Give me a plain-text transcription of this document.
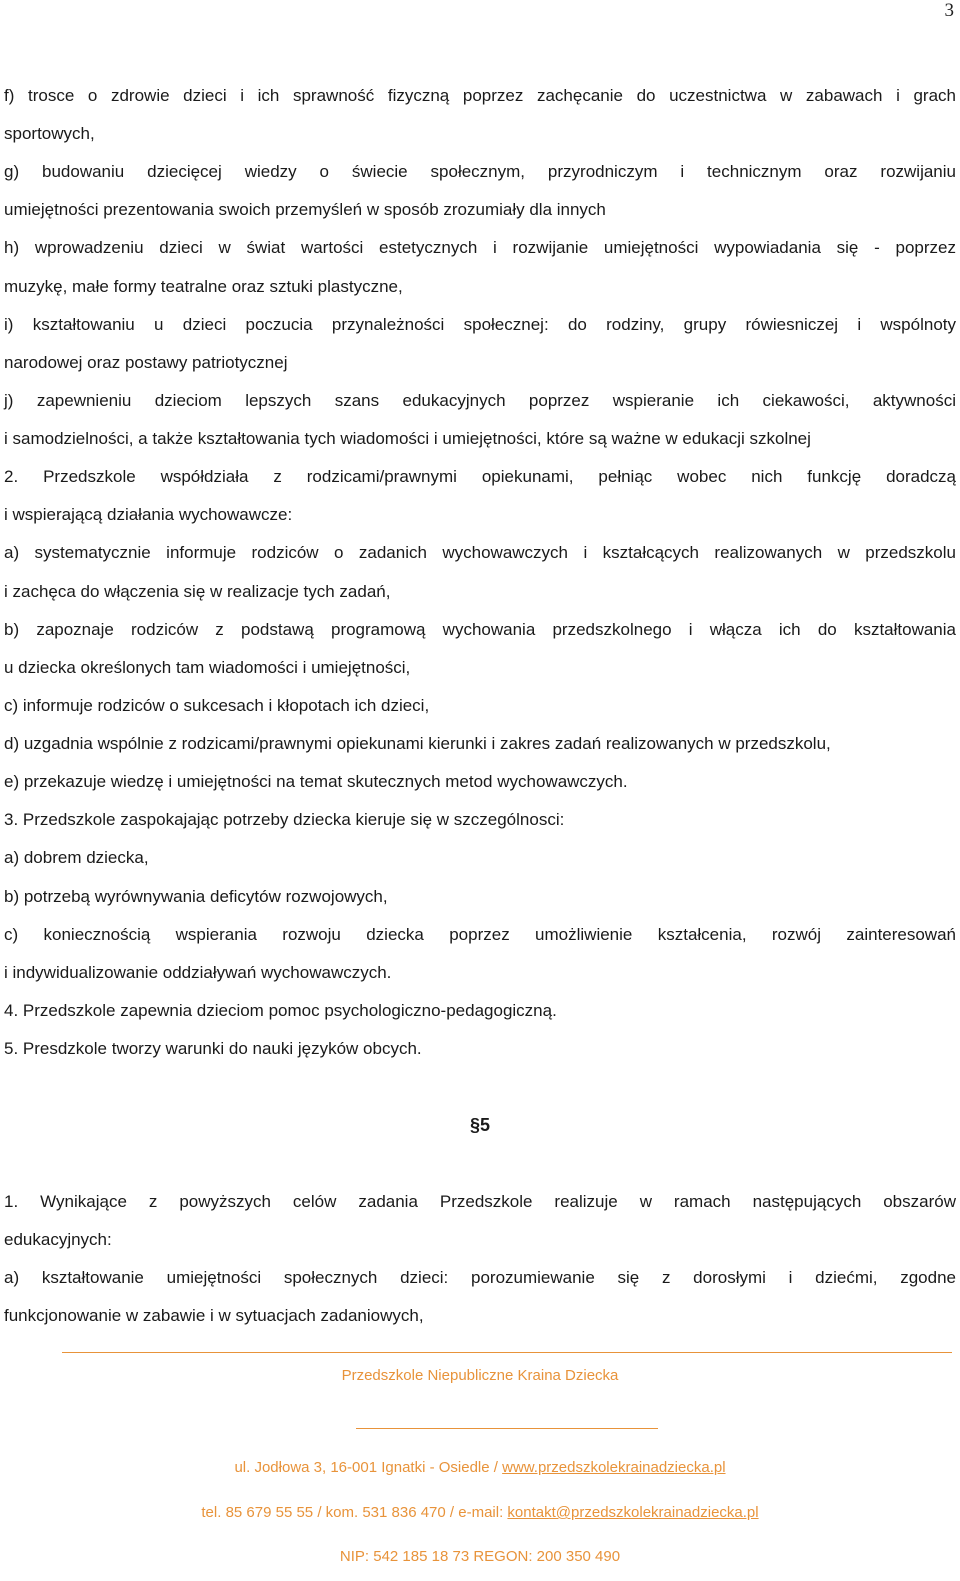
3
f) trosce o zdrowie dzieci i ich sprawność fizyczną poprzez zachęcanie do uczestnictwa w zabawach i grach
sportowych,
g) budowaniu dziecięcej wiedzy o świecie społecznym, przyrodniczym i technicznym oraz rozwijaniu
umiejętności prezentowania swoich przemyśleń w sposób zrozumiały dla innych
h) wprowadzeniu dzieci w świat wartości estetycznych i rozwijanie umiejętności wypowiadania się - poprzez
muzykę, małe formy teatralne oraz sztuki plastyczne,
i) kształtowaniu u dzieci poczucia przynależności społecznej: do rodziny, grupy rówiesniczej i wspólnoty
narodowej oraz postawy patriotycznej
j) zapewnieniu dzieciom lepszych szans edukacyjnych poprzez wspieranie ich ciekawości, aktywności
i samodzielności, a także kształtowania tych wiadomości i umiejętności, które są ważne w edukacji szkolnej
2. Przedszkole współdziała z rodzicami/prawnymi opiekunami, pełniąc wobec nich funkcję doradczą
i wspierającą działania wychowawcze:
a) systematycznie informuje rodziców o zadanich wychowawczych i kształcących realizowanych w przedszkolu
i zachęca do włączenia się w realizacje tych zadań,
b) zapoznaje rodziców z podstawą programową wychowania przedszkolnego i włącza ich do kształtowania
u dziecka określonych tam wiadomości i umiejętności,
c) informuje rodziców o sukcesach i kłopotach ich dzieci,
d) uzgadnia wspólnie z rodzicami/prawnymi opiekunami kierunki i zakres zadań realizowanych w przedszkolu,
e) przekazuje wiedzę i umiejętności na temat skutecznych metod wychowawczych.
3. Przedszkole zaspokajając potrzeby dziecka kieruje się w szczególnosci:
a) dobrem dziecka,
b) potrzebą wyrównywania deficytów rozwojowych,
c) koniecznością wspierania rozwoju dziecka poprzez umożliwienie kształcenia, rozwój zainteresowań
i indywidualizowanie oddziaływań wychowawczych.
4. Przedszkole zapewnia dzieciom pomoc psychologiczno-pedagogiczną.
5. Presdzkole tworzy warunki do nauki języków obcych.
1. Wynikające z powyższych celów zadania Przedszkole realizuje w ramach następujących obszarów
edukacyjnych:
a) kształtowanie umiejętności społecznych dzieci: porozumiewanie się z dorosłymi i dziećmi, zgodne
funkcjonowanie w zabawie i w sytuacjach zadaniowych,
§5
Przedszkole Niepubliczne Kraina Dziecka
ul. Jodłowa 3, 16-001 Ignatki - Osiedle / www.przedszkolekrainadziecka.pl
tel. 85 679 55 55 / kom. 531 836 470 / e-mail: kontakt@przedszkolekrainadziecka.pl
NIP: 542 185 18 73 REGON: 200 350 490
